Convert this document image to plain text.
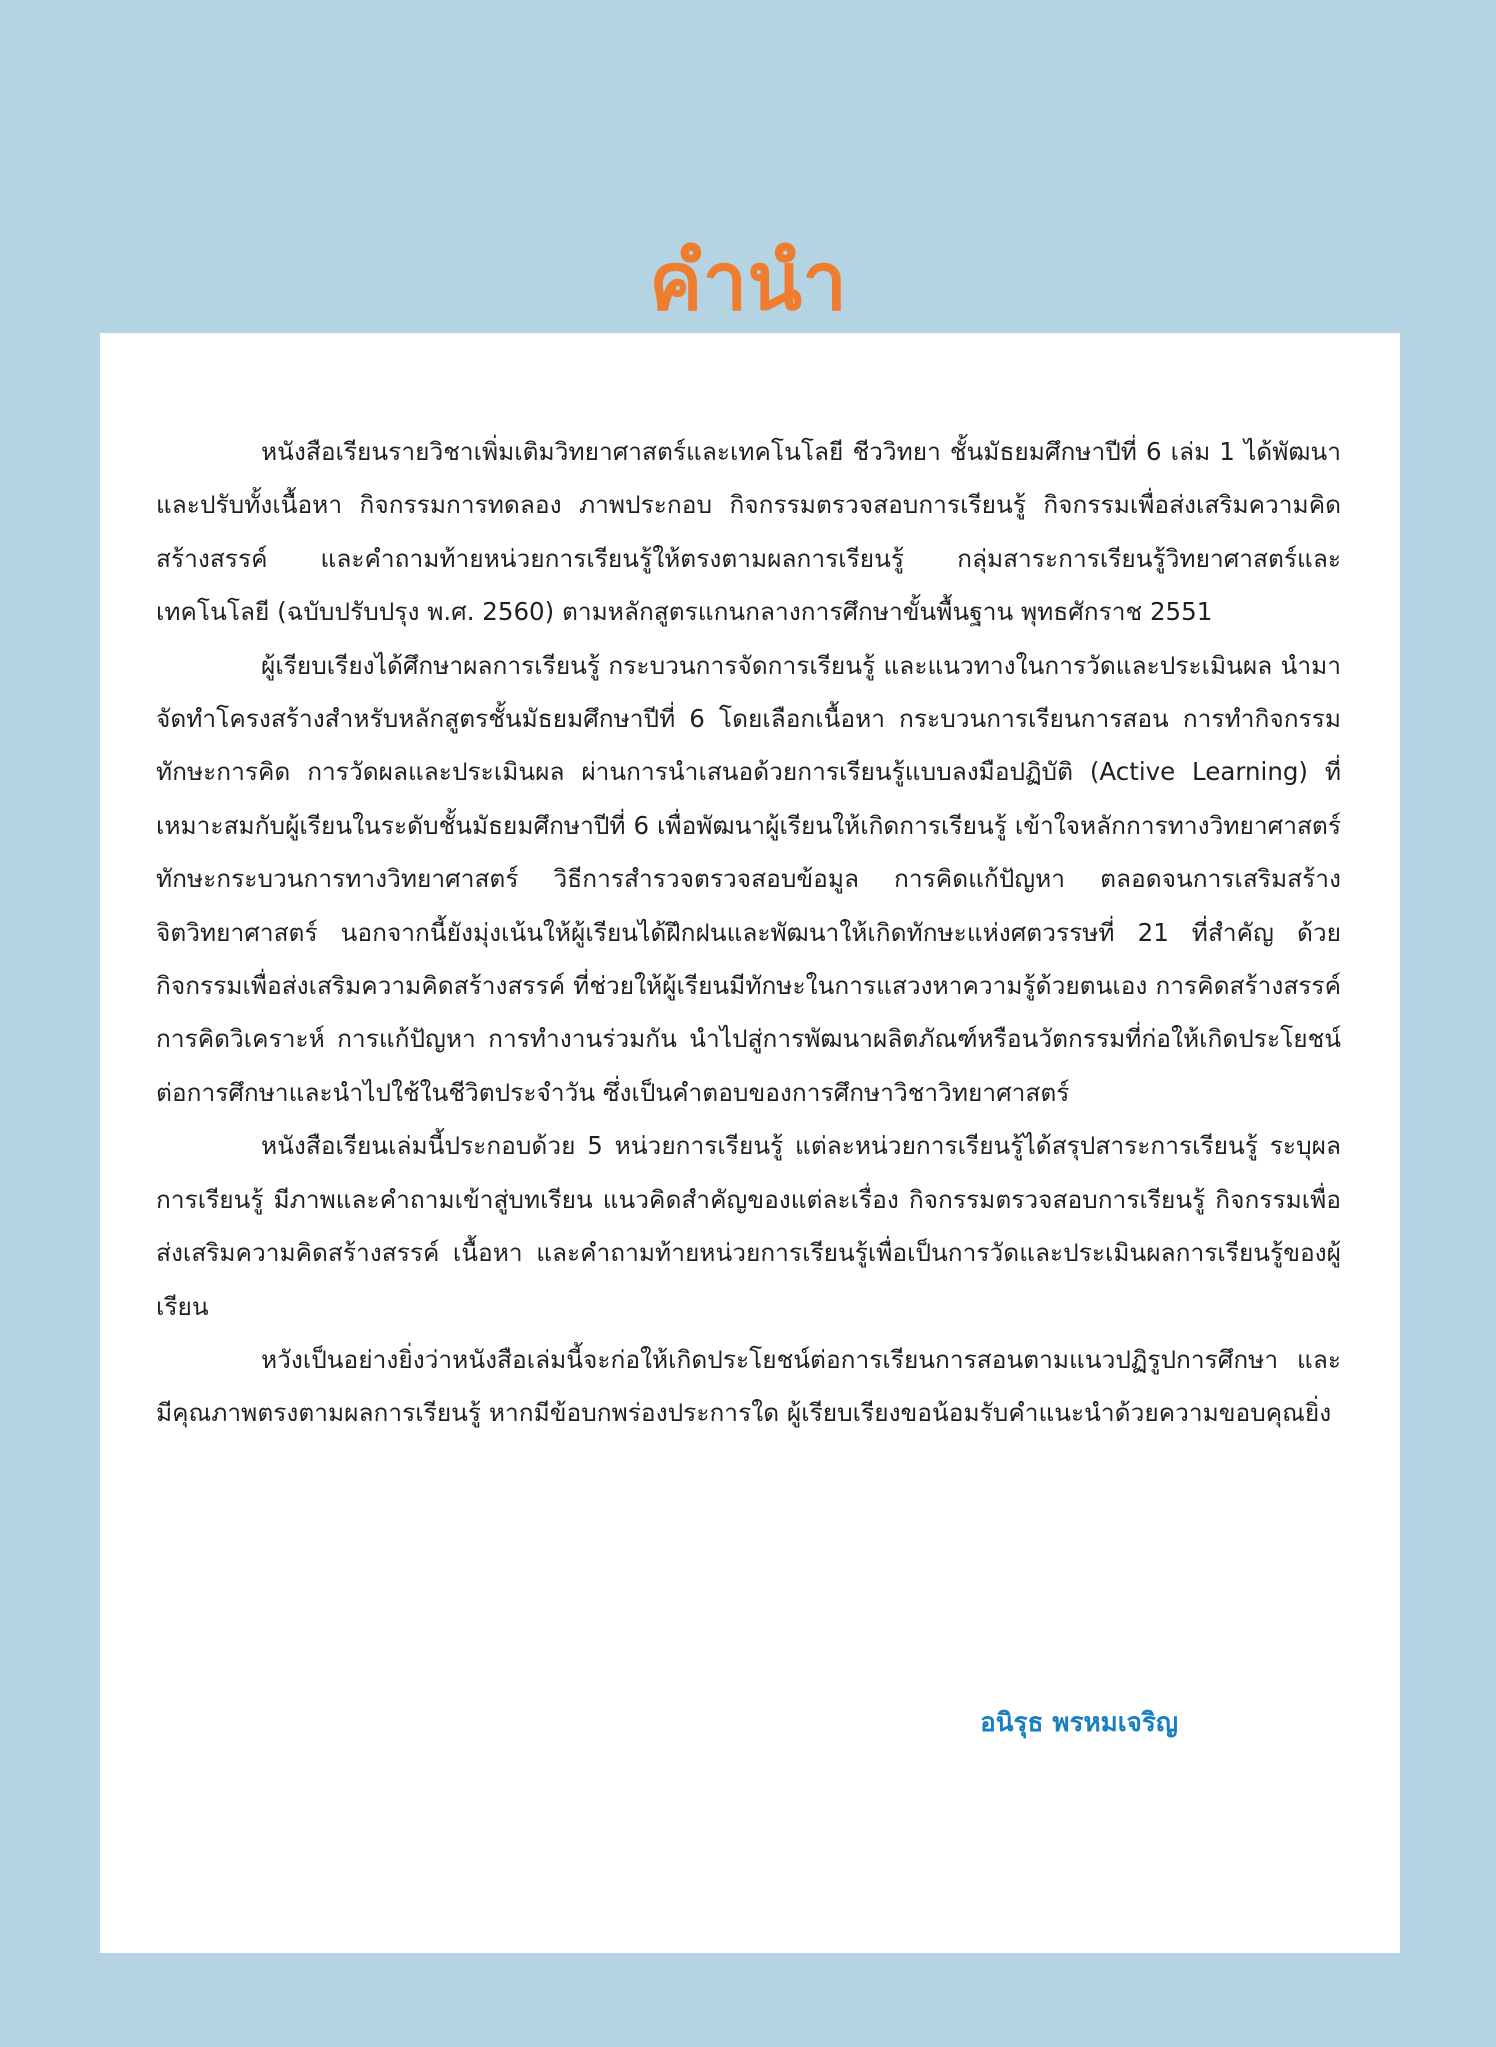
คำนำ

หนังสือเรียนรายวิชาเพิ่มเติมวิทยาศาสตร์และเทคโนโลยี ชีววิทยา ชั้นมัธยมศึกษาปีที่ 6 เล่ม 1 ได้พัฒนาและปรับทั้งเนื้อหา กิจกรรมการทดลอง ภาพประกอบ กิจกรรมตรวจสอบการเรียนรู้ กิจกรรมเพื่อส่งเสริมความคิดสร้างสรรค์ และคำถามท้ายหน่วยการเรียนรู้ให้ตรงตามผลการเรียนรู้ กลุ่มสาระการเรียนรู้วิทยาศาสตร์และเทคโนโลยี (ฉบับปรับปรุง พ.ศ. 2560) ตามหลักสูตรแกนกลางการศึกษาขั้นพื้นฐาน พุทธศักราช 2551

ผู้เรียบเรียงได้ศึกษาผลการเรียนรู้ กระบวนการจัดการเรียนรู้ และแนวทางในการวัดและประเมินผล นำมาจัดทำโครงสร้างสำหรับหลักสูตรชั้นมัธยมศึกษาปีที่ 6 โดยเลือกเนื้อหา กระบวนการเรียนการสอน การทำกิจกรรม ทักษะการคิด การวัดผลและประเมินผล ผ่านการนำเสนอด้วยการเรียนรู้แบบลงมือปฏิบัติ (Active Learning) ที่เหมาะสมกับผู้เรียนในระดับชั้นมัธยมศึกษาปีที่ 6 เพื่อพัฒนาผู้เรียนให้เกิดการเรียนรู้ เข้าใจหลักการทางวิทยาศาสตร์ ทักษะกระบวนการทางวิทยาศาสตร์ วิธีการสำรวจตรวจสอบข้อมูล การคิดแก้ปัญหา ตลอดจนการเสริมสร้างจิตวิทยาศาสตร์ นอกจากนี้ยังมุ่งเน้นให้ผู้เรียนได้ฝึกฝนและพัฒนาให้เกิดทักษะแห่งศตวรรษที่ 21 ที่สำคัญ ด้วยกิจกรรมเพื่อส่งเสริมความคิดสร้างสรรค์ ที่ช่วยให้ผู้เรียนมีทักษะในการแสวงหาความรู้ด้วยตนเอง การคิดสร้างสรรค์ การคิดวิเคราะห์ การแก้ปัญหา การทำงานร่วมกัน นำไปสู่การพัฒนาผลิตภัณฑ์หรือนวัตกรรมที่ก่อให้เกิดประโยชน์ต่อการศึกษาและนำไปใช้ในชีวิตประจำวัน ซึ่งเป็นคำตอบของการศึกษาวิชาวิทยาศาสตร์

หนังสือเรียนเล่มนี้ประกอบด้วย 5 หน่วยการเรียนรู้ แต่ละหน่วยการเรียนรู้ได้สรุปสาระการเรียนรู้ ระบุผลการเรียนรู้ มีภาพและคำถามเข้าสู่บทเรียน แนวคิดสำคัญของแต่ละเรื่อง กิจกรรมตรวจสอบการเรียนรู้ กิจกรรมเพื่อส่งเสริมความคิดสร้างสรรค์ เนื้อหา และคำถามท้ายหน่วยการเรียนรู้เพื่อเป็นการวัดและประเมินผลการเรียนรู้ของผู้เรียน

หวังเป็นอย่างยิ่งว่าหนังสือเล่มนี้จะก่อให้เกิดประโยชน์ต่อการเรียนการสอนตามแนวปฏิรูปการศึกษา และมีคุณภาพตรงตามผลการเรียนรู้ หากมีข้อบกพร่องประการใด ผู้เรียบเรียงขอน้อมรับคำแนะนำด้วยความขอบคุณยิ่ง

อนิรุธ พรหมเจริญ
